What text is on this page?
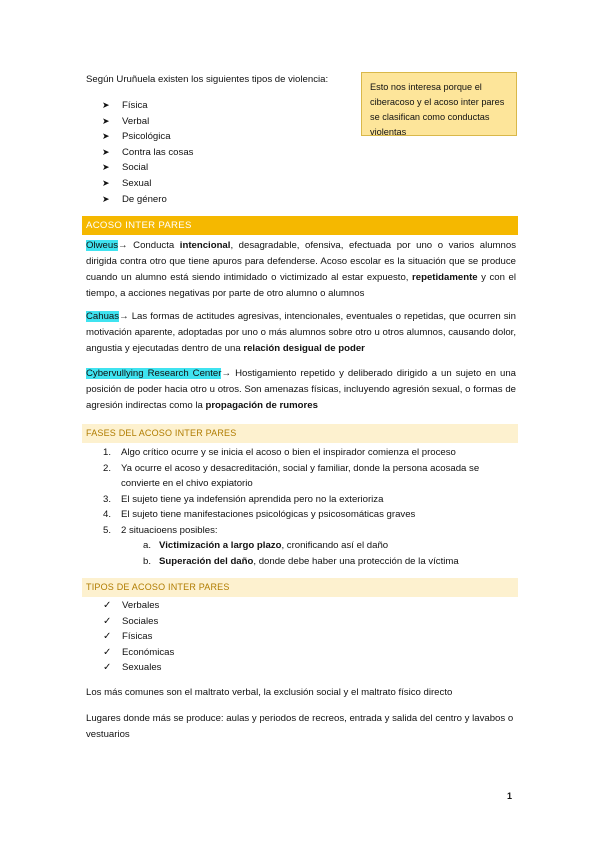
Según Uruñuela existen los siguientes tipos de violencia:
➤ Física
➤ Verbal
➤ Psicológica
➤ Contra las cosas
➤ Social
➤ Sexual
➤ De género
Esto nos interesa porque el ciberacoso y el acoso inter pares se clasifican como conductas violentas
ACOSO INTER PARES
Olweus→ Conducta intencional, desagradable, ofensiva, efectuada por uno o varios alumnos dirigida contra otro que tiene apuros para defenderse. Acoso escolar es la situación que se produce cuando un alumno está siendo intimidado o victimizado al estar expuesto, repetidamente y con el tiempo, a acciones negativas por parte de otro alumno o alumnos
Cahuas→ Las formas de actitudes agresivas, intencionales, eventuales o repetidas, que ocurren sin motivación aparente, adoptadas por uno o más alumnos sobre otro u otros alumnos, causando dolor, angustia y ejecutadas dentro de una relación desigual de poder
Cybervullying Research Center→ Hostigamiento repetido y deliberado dirigido a un sujeto en una posición de poder hacia otro u otros. Son amenazas físicas, incluyendo agresión sexual, o formas de agresión indirectas como la propagación de rumores
FASES DEL ACOSO INTER PARES
1. Algo crítico ocurre y se inicia el acoso o bien el inspirador comienza el proceso
2. Ya ocurre el acoso y desacreditación, social y familiar, donde la persona acosada se convierte en el chivo expiatorio
3. El sujeto tiene ya indefensión aprendida pero no la exterioriza
4. El sujeto tiene manifestaciones psicológicas y psicosomáticas graves
5. 2 situacioens posibles:
a. Victimización a largo plazo, cronificando así el daño
b. Superación del daño, donde debe haber una protección de la víctima
TIPOS DE ACOSO INTER PARES
✓ Verbales
✓ Sociales
✓ Físicas
✓ Económicas
✓ Sexuales
Los más comunes son el maltrato verbal, la exclusión social y el maltrato físico directo
Lugares donde más se produce: aulas y periodos de recreos, entrada y salida del centro y lavabos o vestuarios
1
